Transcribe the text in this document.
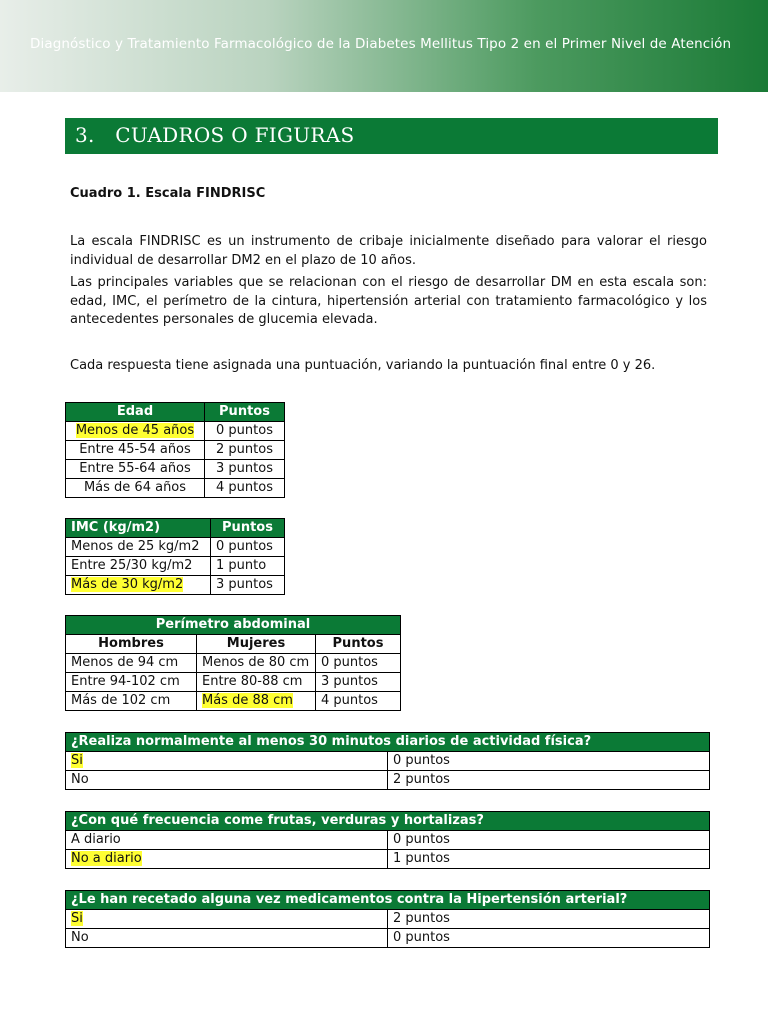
Diagnóstico y Tratamiento Farmacológico de la Diabetes Mellitus Tipo 2 en el Primer Nivel de Atención
3.  CUADROS O FIGURAS
Cuadro 1. Escala FINDRISC

La escala FINDRISC es un instrumento de cribaje inicialmente diseñado para valorar el riesgo individual de desarrollar DM2 en el plazo de 10 años.

Las principales variables que se relacionan con el riesgo de desarrollar DM en esta escala son: edad, IMC, el perímetro de la cintura, hipertensión arterial con tratamiento farmacológico y los antecedentes personales de glucemia elevada.

Cada respuesta tiene asignada una puntuación, variando la puntuación final entre 0 y 26.

Edad	Puntos
Menos de 45 años	0 puntos
Entre 45-54 años	2 puntos
Entre 55-64 años	3 puntos
Más de 64 años	4 puntos
IMC (kg/m2)	Puntos
Menos de 25 kg/m2	0 puntos
Entre 25/30 kg/m2	1 punto
Más de 30 kg/m2	3 puntos
Perímetro abdominal		
Hombres	Mujeres	Puntos
Menos de 94 cm	Menos de 80 cm	0 puntos
Entre 94-102 cm	Entre 80-88 cm	3 puntos
Más de 102 cm	Más de 88 cm	4 puntos
¿Realiza normalmente al menos 30 minutos diarios de actividad física?	
Si	0 puntos
No	2 puntos
¿Con qué frecuencia come frutas, verduras y hortalizas?	
A diario	0 puntos
No a diario	1 puntos
¿Le han recetado alguna vez medicamentos contra la Hipertensión arterial?	
Si	2 puntos
No	0 puntos
